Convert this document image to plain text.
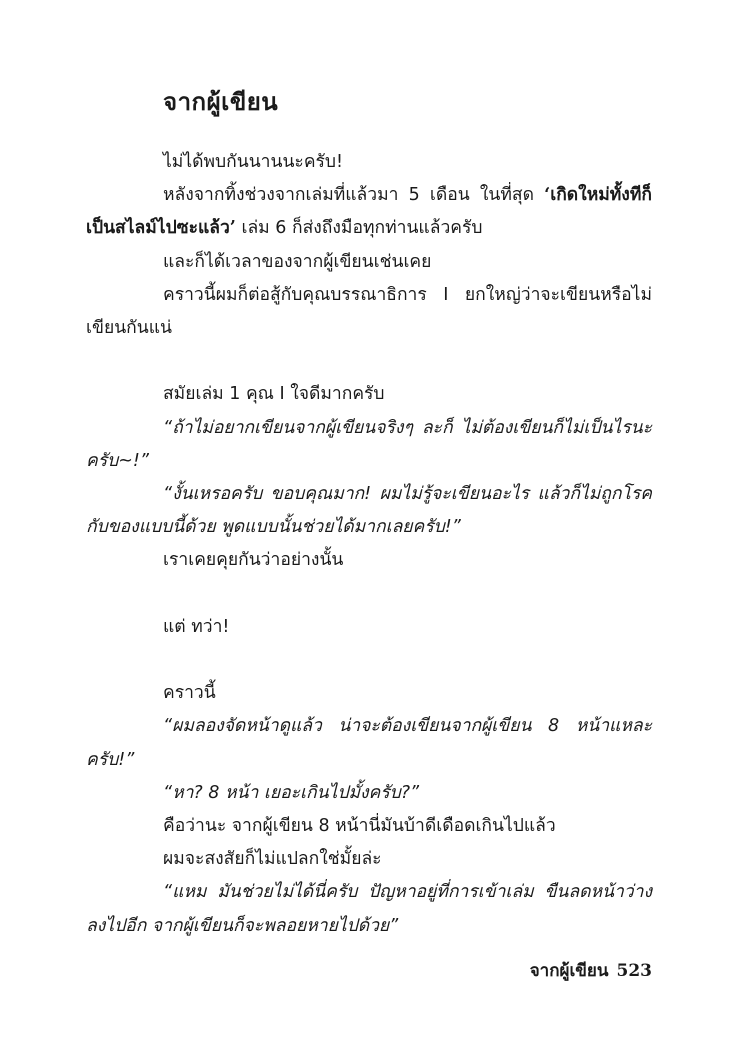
จากผู้เขียน

ไม่ได้พบกันนานนะครับ!

หลังจากทิ้งช่วงจากเล่มที่แล้วมา 5 เดือน ในที่สุด ‘เกิดใหม่ทั้งทีก็เป็นสไลม์ไปซะแล้ว’ เล่ม 6 ก็ส่งถึงมือทุกท่านแล้วครับ

และก็ได้เวลาของจากผู้เขียนเช่นเคย

คราวนี้ผมก็ต่อสู้กับคุณบรรณาธิการ I ยกใหญ่ว่าจะเขียนหรือไม่เขียนกันแน่

สมัยเล่ม 1 คุณ I ใจดีมากครับ

“ถ้าไม่อยากเขียนจากผู้เขียนจริงๆ ละก็ ไม่ต้องเขียนก็ไม่เป็นไรนะครับ~!”

“งั้นเหรอครับ ขอบคุณมาก! ผมไม่รู้จะเขียนอะไร แล้วก็ไม่ถูกโรคกับของแบบนี้ด้วย พูดแบบนั้นช่วยได้มากเลยครับ!”

เราเคยคุยกันว่าอย่างนั้น

แต่ ทว่า!

คราวนี้

“ผมลองจัดหน้าดูแล้ว น่าจะต้องเขียนจากผู้เขียน 8 หน้าแหละครับ!”

“หา? 8 หน้า เยอะเกินไปมั้งครับ?”

คือว่านะ จากผู้เขียน 8 หน้านี่มันบ้าดีเดือดเกินไปแล้ว

ผมจะสงสัยก็ไม่แปลกใช่มั้ยล่ะ

“แหม มันช่วยไม่ได้นี่ครับ ปัญหาอยู่ที่การเข้าเล่ม ขืนลดหน้าว่างลงไปอีก จากผู้เขียนก็จะพลอยหายไปด้วย”

จากผู้เขียน 523
